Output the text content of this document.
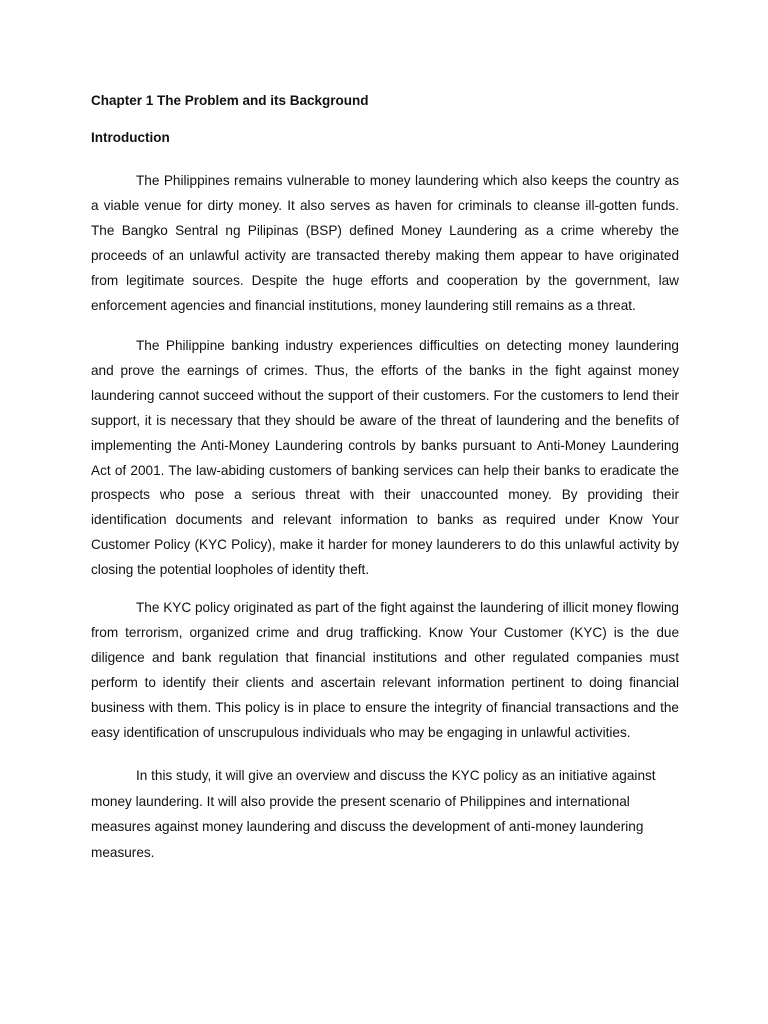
Chapter 1 The Problem and its Background
Introduction

The Philippines remains vulnerable to money laundering which also keeps the country as a viable venue for dirty money. It also serves as haven for criminals to cleanse ill-gotten funds. The Bangko Sentral ng Pilipinas (BSP) defined Money Laundering as a crime whereby the proceeds of an unlawful activity are transacted thereby making them appear to have originated from legitimate sources. Despite the huge efforts and cooperation by the government, law enforcement agencies and financial institutions, money laundering still remains as a threat.

The Philippine banking industry experiences difficulties on detecting money laundering and prove the earnings of crimes. Thus, the efforts of the banks in the fight against money laundering cannot succeed without the support of their customers. For the customers to lend their support, it is necessary that they should be aware of the threat of laundering and the benefits of implementing the Anti-Money Laundering controls by banks pursuant to Anti-Money Laundering Act of 2001. The law-abiding customers of banking services can help their banks to eradicate the prospects who pose a serious threat with their unaccounted money. By providing their identification documents and relevant information to banks as required under Know Your Customer Policy (KYC Policy), make it harder for money launderers to do this unlawful activity by closing the potential loopholes of identity theft.

The KYC policy originated as part of the fight against the laundering of illicit money flowing from terrorism, organized crime and drug trafficking. Know Your Customer (KYC) is the due diligence and bank regulation that financial institutions and other regulated companies must perform to identify their clients and ascertain relevant information pertinent to doing financial business with them. This policy is in place to ensure the integrity of financial transactions and the easy identification of unscrupulous individuals who may be engaging in unlawful activities.

In this study, it will give an overview and discuss the KYC policy as an initiative against money laundering. It will also provide the present scenario of Philippines and international measures against money laundering and discuss the development of anti-money laundering measures.
